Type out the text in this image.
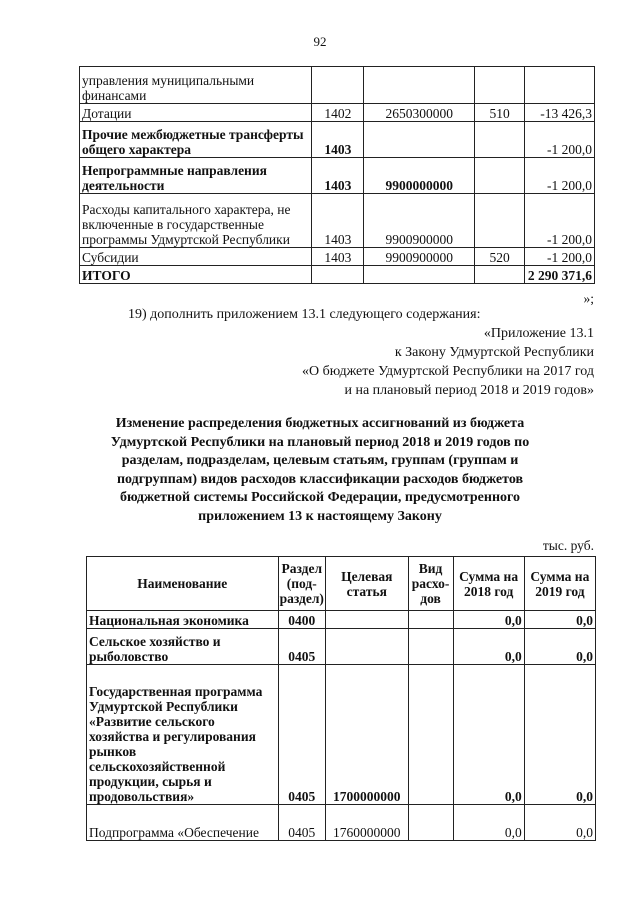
92
управления муниципальными финансами				
Дотации	1402	2650300000	510	-13 426,3
Прочие межбюджетные трансферты общего характера	1403			-1 200,0
Непрограммные направления деятельности	1403	9900000000		-1 200,0
Расходы капитального характера, не включенные в государственные программы Удмуртской Республики	1403	9900900000		-1 200,0
Субсидии	1403	9900900000	520	-1 200,0
ИТОГО				2 290 371,6
»;
19) дополнить приложением 13.1 следующего содержания:
«Приложение 13.1
к Закону Удмуртской Республики
«О бюджете Удмуртской Республики на 2017 год
и на плановый период 2018 и 2019 годов»
Изменение распределения бюджетных ассигнований из бюджета Удмуртской Республики на плановый период 2018 и 2019 годов по разделам, подразделам, целевым статьям, группам (группам и подгруппам) видов расходов классификации расходов бюджетов бюджетной системы Российской Федерации, предусмотренного приложением 13 к настоящему Закону
тыс. руб.
Наименование	Раздел (под-раздел)	Целевая статья	Вид расхо-дов	Сумма на 2018 год	Сумма на 2019 год
Национальная экономика	0400			0,0	0,0
Сельское хозяйство и рыболовство	0405			0,0	0,0
Государственная программа Удмуртской Республики «Развитие сельского хозяйства и регулирования рынков сельскохозяйственной продукции, сырья и продовольствия»	0405	1700000000		0,0	0,0
Подпрограмма «Обеспечение	0405	1760000000		0,0	0,0
